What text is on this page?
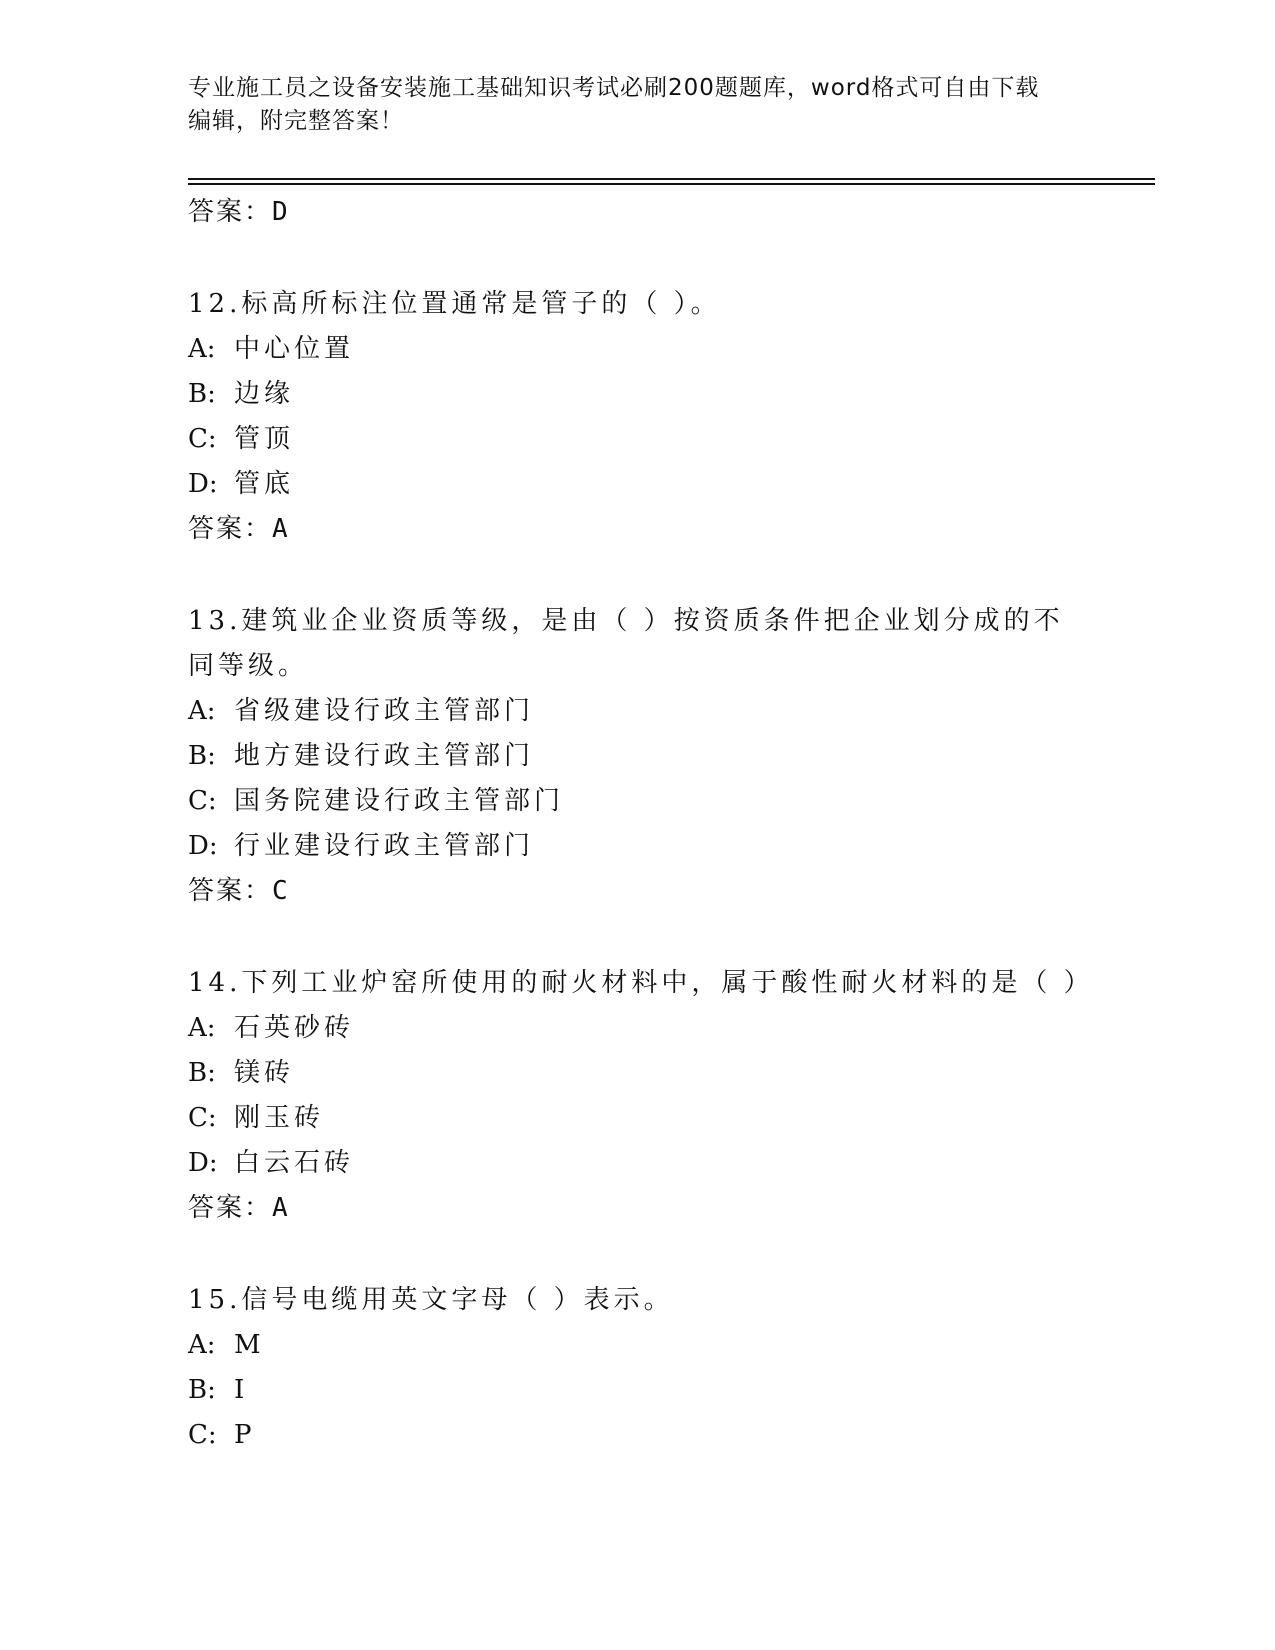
专业施工员之设备安装施工基础知识考试必刷200题题库，word格式可自由下载
编辑，附完整答案！
答案：D
12.标高所标注位置通常是管子的（ ）。
A: 中心位置
B: 边缘
C: 管顶
D: 管底
答案：A
13.建筑业企业资质等级，是由（ ）按资质条件把企业划分成的不同等级。
A: 省级建设行政主管部门
B: 地方建设行政主管部门
C: 国务院建设行政主管部门
D: 行业建设行政主管部门
答案：C
14.下列工业炉窑所使用的耐火材料中，属于酸性耐火材料的是（ ）
A: 石英砂砖
B: 镁砖
C: 刚玉砖
D: 白云石砖
答案：A
15.信号电缆用英文字母（ ）表示。
A: M
B: I
C: P
